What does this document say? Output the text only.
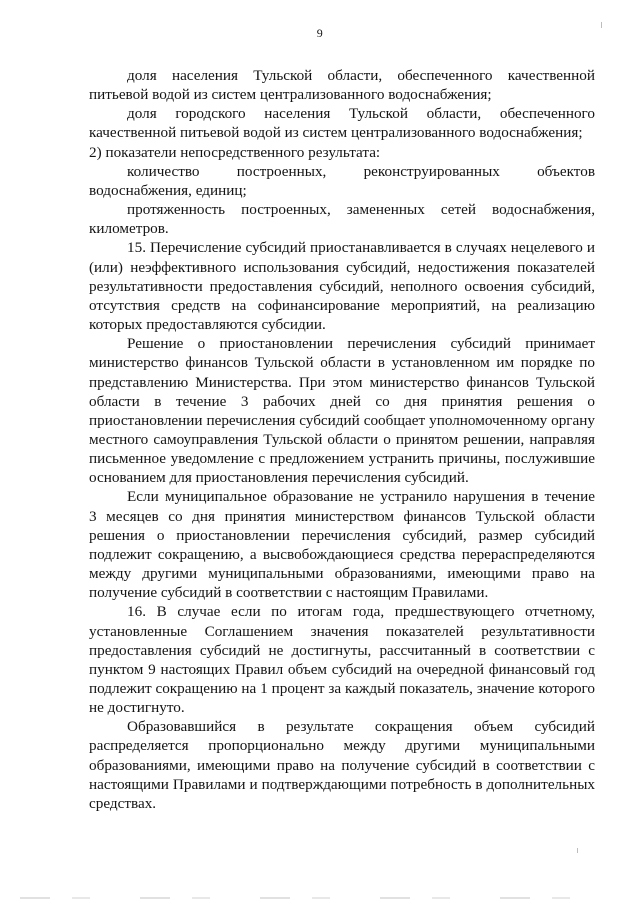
9

доля населения Тульской области, обеспеченного качественной
питьевой водой из систем централизованного водоснабжения;

доля городского населения Тульской области, обеспеченного
качественной питьевой водой из систем централизованного водоснабжения;

2) показатели непосредственного результата:

количество построенных, реконструированных объектов
водоснабжения, единиц;

протяженность построенных, замененных сетей водоснабжения,
километров.

15. Перечисление субсидий приостанавливается в случаях нецелевого и
(или) неэффективного использования субсидий, недостижения показателей результативности предоставления субсидий, неполного освоения субсидий, отсутствия средств на софинансирование мероприятий, на реализацию которых предоставляются субсидии.

Решение о приостановлении перечисления субсидий принимает
министерство финансов Тульской области в установленном им порядке по представлению Министерства. При этом министерство финансов Тульской области в течение 3 рабочих дней со дня принятия решения о приостановлении перечисления субсидий сообщает уполномоченному органу местного самоуправления Тульской области о принятом решении, направляя письменное уведомление с предложением устранить причины, послужившие основанием для приостановления перечисления субсидий.

Если муниципальное образование не устранило нарушения в течение
3 месяцев со дня принятия министерством финансов Тульской области решения о приостановлении перечисления субсидий, размер субсидий подлежит сокращению, а высвобождающиеся средства перераспределяются между другими муниципальными образованиями, имеющими право на получение субсидий в соответствии с настоящим Правилами.

16. В случае если по итогам года, предшествующего отчетному,
установленные Соглашением значения показателей результативности предоставления субсидий не достигнуты, рассчитанный в соответствии с пунктом 9 настоящих Правил объем субсидий на очередной финансовый год подлежит сокращению на 1 процент за каждый показатель, значение которого не достигнуто.

Образовавшийся в результате сокращения объем субсидий
распределяется пропорционально между другими муниципальными образованиями, имеющими право на получение субсидий в соответствии с настоящими Правилами и подтверждающими потребность в дополнительных средствах.
